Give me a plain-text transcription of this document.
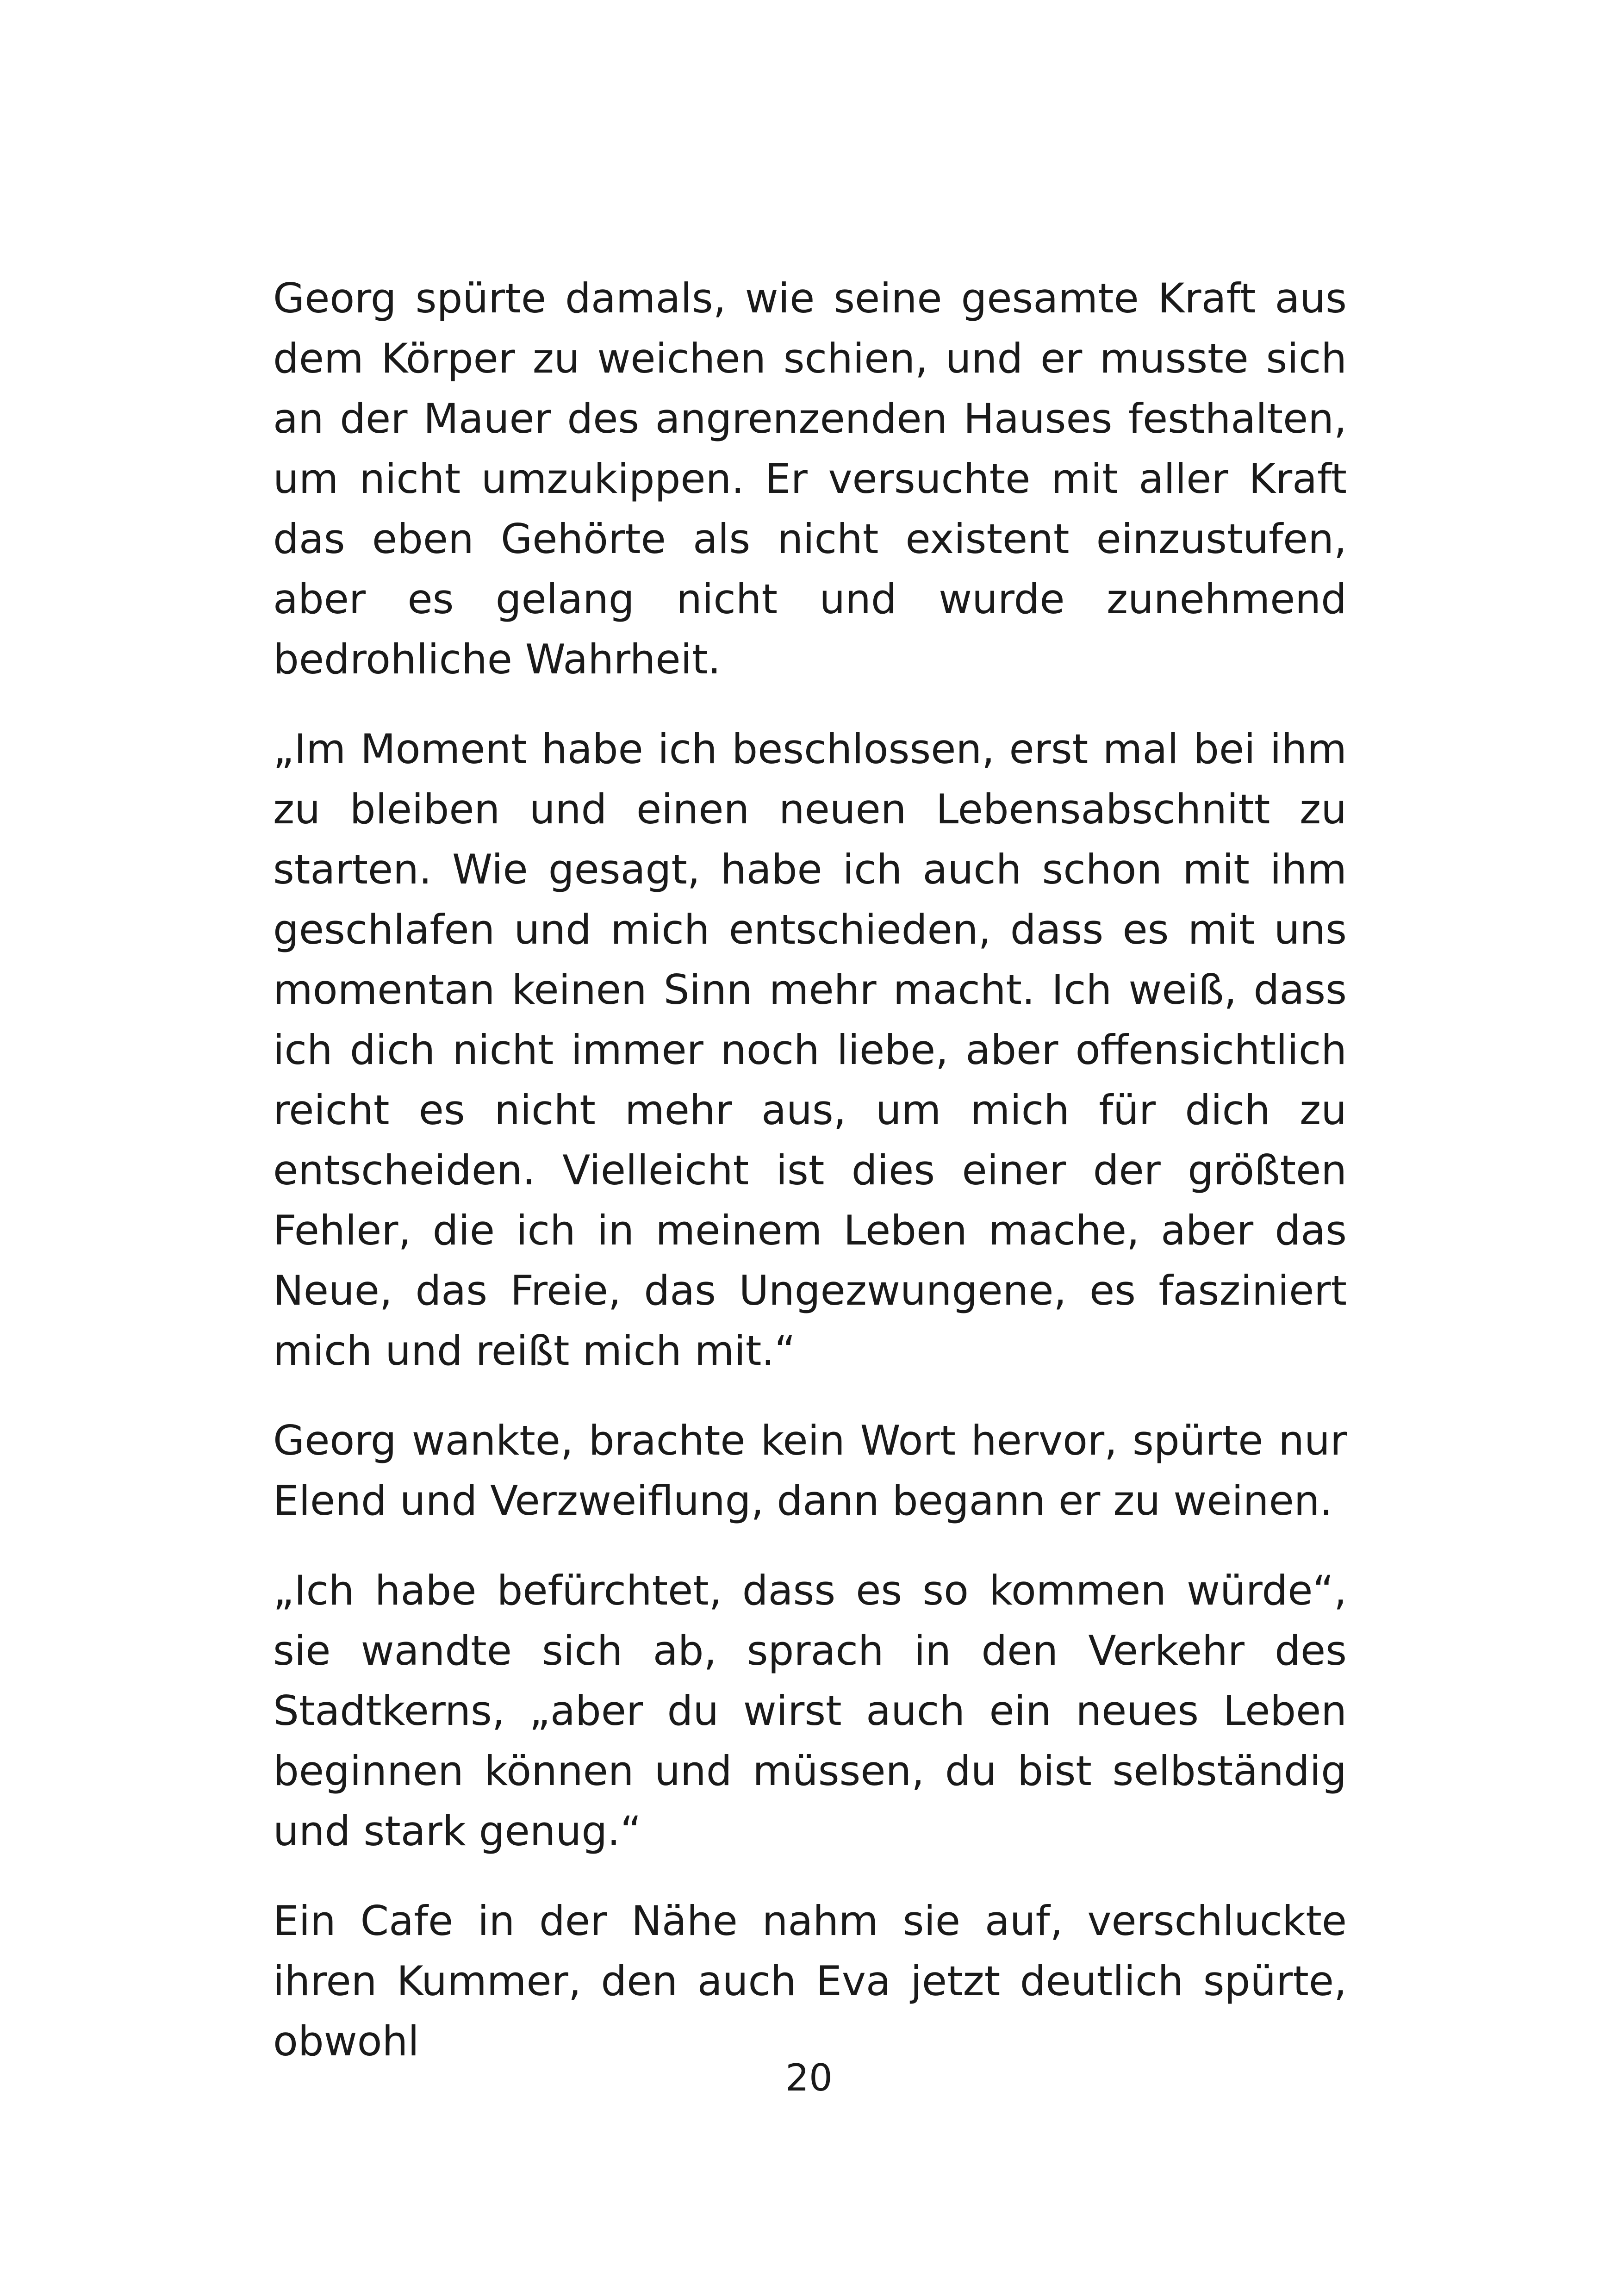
Georg spürte damals, wie seine gesamte Kraft aus dem Körper zu weichen schien, und er musste sich an der Mauer des angrenzenden Hauses festhalten, um nicht umzukippen. Er versuchte mit aller Kraft das eben Gehörte als nicht existent einzustufen, aber es gelang nicht und wurde zunehmend bedrohliche Wahrheit.

„Im Moment habe ich beschlossen, erst mal bei ihm zu bleiben und einen neuen Lebensabschnitt zu starten. Wie gesagt, habe ich auch schon mit ihm geschlafen und mich entschieden, dass es mit uns momentan keinen Sinn mehr macht. Ich weiß, dass ich dich nicht immer noch liebe, aber offensichtlich reicht es nicht mehr aus, um mich für dich zu entscheiden. Vielleicht ist dies einer der größten Fehler, die ich in meinem Leben mache, aber das Neue, das Freie, das Ungezwungene, es fasziniert mich und reißt mich mit.“

Georg wankte, brachte kein Wort hervor, spürte nur Elend und Verzweiflung, dann begann er zu weinen.

„Ich habe befürchtet, dass es so kommen würde“, sie wandte sich ab, sprach in den Verkehr des Stadtkerns, „aber du wirst auch ein neues Leben beginnen können und müssen, du bist selbständig und stark genug.“

Ein Cafe in der Nähe nahm sie auf, verschluckte ihren Kummer, den auch Eva jetzt deutlich spürte, obwohl

20
